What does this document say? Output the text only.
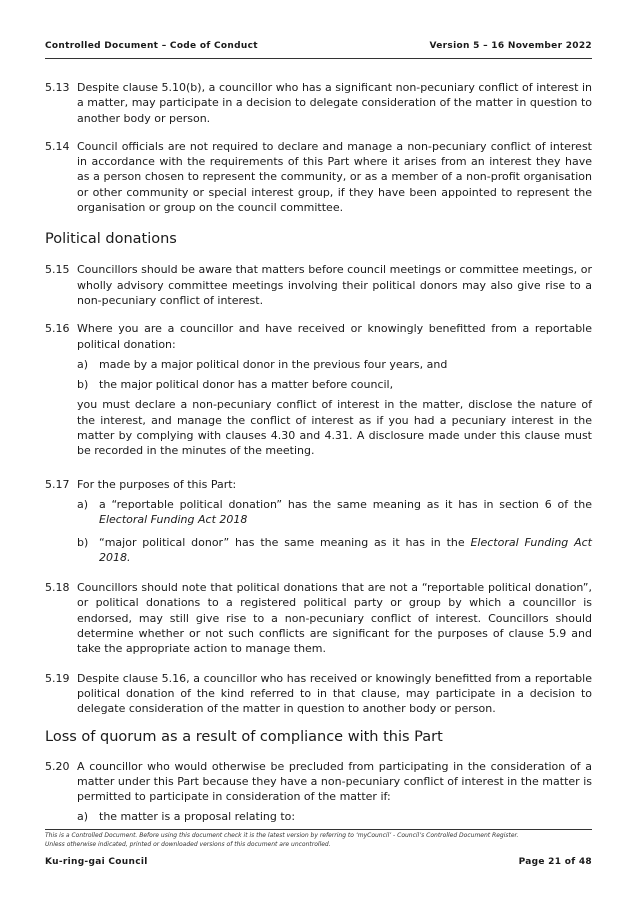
Controlled Document – Code of Conduct	Version 5 – 16 November 2022
5.13 Despite clause 5.10(b), a councillor who has a significant non-pecuniary conflict of interest in a matter, may participate in a decision to delegate consideration of the matter in question to another body or person.
5.14 Council officials are not required to declare and manage a non-pecuniary conflict of interest in accordance with the requirements of this Part where it arises from an interest they have as a person chosen to represent the community, or as a member of a non-profit organisation or other community or special interest group, if they have been appointed to represent the organisation or group on the council committee.
Political donations
5.15 Councillors should be aware that matters before council meetings or committee meetings, or wholly advisory committee meetings involving their political donors may also give rise to a non-pecuniary conflict of interest.
5.16 Where you are a councillor and have received or knowingly benefitted from a reportable political donation:
a) made by a major political donor in the previous four years, and
b) the major political donor has a matter before council,
you must declare a non-pecuniary conflict of interest in the matter, disclose the nature of the interest, and manage the conflict of interest as if you had a pecuniary interest in the matter by complying with clauses 4.30 and 4.31. A disclosure made under this clause must be recorded in the minutes of the meeting.
5.17 For the purposes of this Part:
a) a “reportable political donation” has the same meaning as it has in section 6 of the Electoral Funding Act 2018
b) “major political donor” has the same meaning as it has in the Electoral Funding Act 2018.
5.18 Councillors should note that political donations that are not a “reportable political donation”, or political donations to a registered political party or group by which a councillor is endorsed, may still give rise to a non-pecuniary conflict of interest. Councillors should determine whether or not such conflicts are significant for the purposes of clause 5.9 and take the appropriate action to manage them.
5.19 Despite clause 5.16, a councillor who has received or knowingly benefitted from a reportable political donation of the kind referred to in that clause, may participate in a decision to delegate consideration of the matter in question to another body or person.
Loss of quorum as a result of compliance with this Part
5.20 A councillor who would otherwise be precluded from participating in the consideration of a matter under this Part because they have a non-pecuniary conflict of interest in the matter is permitted to participate in consideration of the matter if:
a) the matter is a proposal relating to:
This is a Controlled Document. Before using this document check it is the latest version by referring to ‘myCouncil’ - Council’s Controlled Document Register.
Unless otherwise indicated, printed or downloaded versions of this document are uncontrolled.
Ku-ring-gai Council	Page 21 of 48
